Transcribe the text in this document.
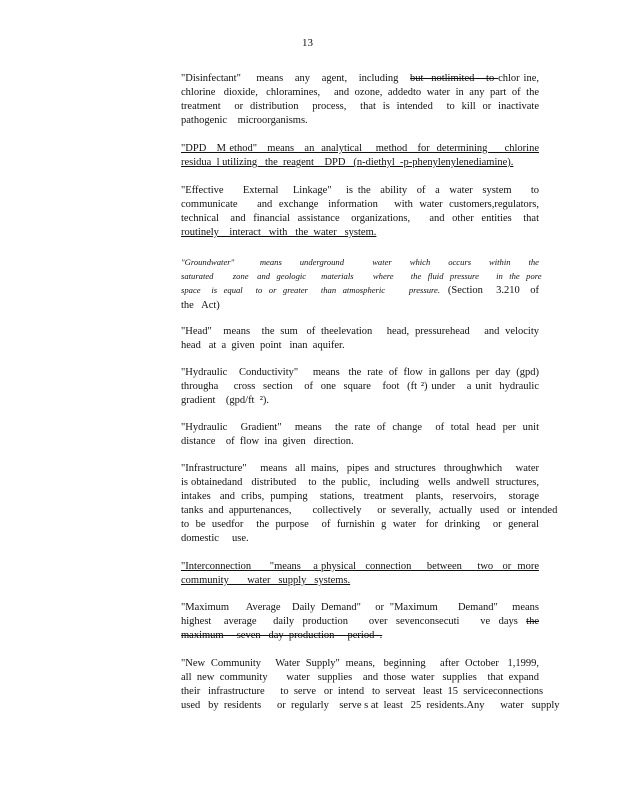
13
"Disinfectant"    means   any   agent,   including   but  notlimited   to chlor ine,
chlorine   dioxide,   chloramines,     and  ozone,  addedto  water  in  any  part  of  the
treatment    or  distribution    process,    that  is  intended    to  kill  or  inactivate
pathogenic    microorganisms.
"DPD   M ethod"   means   an  analytical    method   for  determining     chlorine
residua  l utilizing   the  reagent    DPD   (n-diethyl  -p-phenylenylenediamine).
"Effective    External   Linkage"   is the  ability  of  a  water  system    to
communicate      and  exchange   information     with  water  customers,regulators,
technical   and  financial  assistance   organizations,     and  other  entities   that
routinely    interact   with   the  water   system.
"Groundwater"          means       underground           water       which       occurs       within       the
saturated         zone    and   geologic       materials         where        the   fluid   pressure        in   the   pore
space     is   equal      to   or   greater      than   atmospheric           pressure.   (Section     3.210    of
the   Act)
"Head"    means    the  sum   of  theelevation     head,  pressurehead     and  velocity
head   at  a  given  point   inan  aquifer.
"Hydraulic    Conductivity"     means   the  rate  of  flow  in gallons  per  day  (gpd)
througha    cross  section   of  one  square   foot  (ft ²) under   a unit  hydraulic
gradient    (gpd/ft  ²).
"Hydraulic    Gradient"    means    the  rate  of  change    of  total  head  per  unit
distance    of  flow  ina  given   direction.
"Infrastructure"     means   all  mains,   pipes  and  structures   throughwhich     water
is obtainedand   distributed    to  the  public,   including   wells  andwell  structures,
intakes   and  cribs,  pumping    stations,   treatment    plants,   reservoirs,    storage
tanks  and  appurtenances,        collectively      or  severally,   actually   used   or  intended
to  be  usedfor    the  purpose    of  furnishin  g  water   for  drinking    or  general
domestic     use.
"Interconnection      "means    a physical   connection     between     two   or  more
community       water   supply   systems.
"Maximum      Average    Daily  Demand"     or  "Maximum       Demand"     means
highest   average    daily  production     over  sevenconsecuti     ve  days  the
maximum     seven   day  production     period  .
"New  Community     Water  Supply"  means,   beginning     after  October   1,1999,
all  new  community       water   supplies    and  those  water   supplies    that  expand
their   infrastructure      to  serve   or  intend   to  serveat   least  15  serviceconnections
used   by  residents      or  regularly    serve s at  least   25  residents.Any      water   supply
